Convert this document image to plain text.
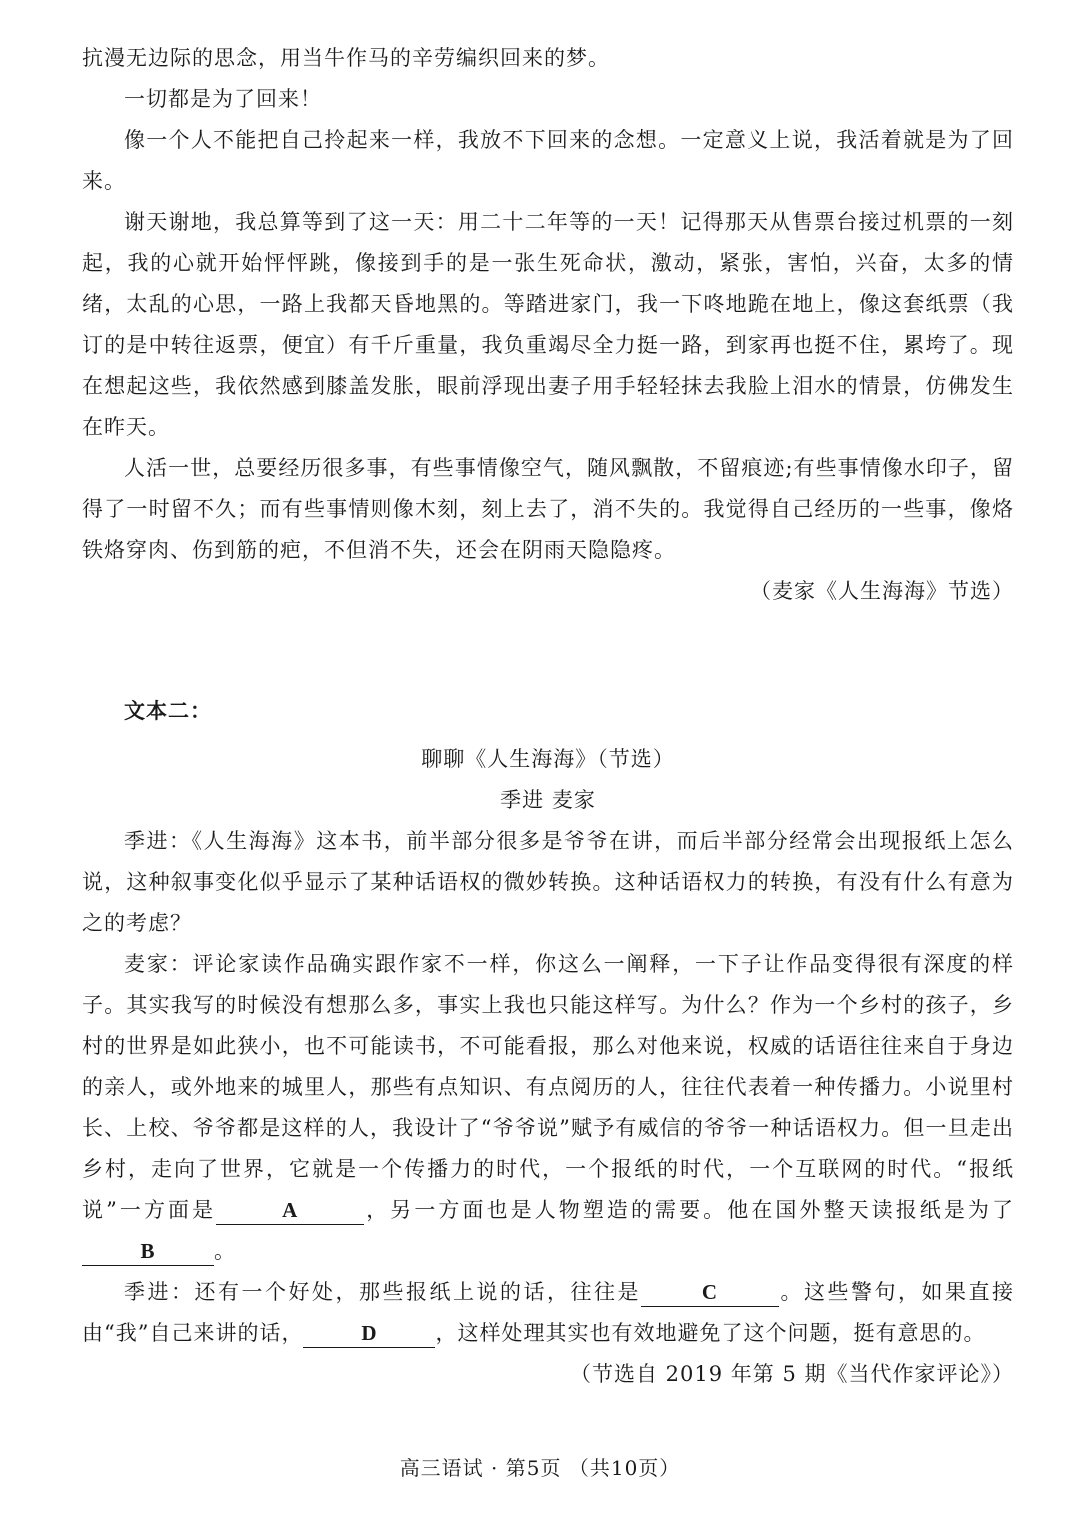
抗漫无边际的思念，用当牛作马的辛劳编织回来的梦。

一切都是为了回来！

像一个人不能把自己拎起来一样，我放不下回来的念想。一定意义上说，我活着就是为了回来。

谢天谢地，我总算等到了这一天：用二十二年等的一天！记得那天从售票台接过机票的一刻起，我的心就开始怦怦跳，像接到手的是一张生死命状，激动，紧张，害怕，兴奋，太多的情绪，太乱的心思，一路上我都天昏地黑的。等踏进家门，我一下咚地跪在地上，像这套纸票（我订的是中转往返票，便宜）有千斤重量，我负重竭尽全力挺一路，到家再也挺不住，累垮了。现在想起这些，我依然感到膝盖发胀，眼前浮现出妻子用手轻轻抹去我脸上泪水的情景，仿佛发生在昨天。

人活一世，总要经历很多事，有些事情像空气，随风飘散，不留痕迹;有些事情像水印子，留得了一时留不久；而有些事情则像木刻，刻上去了，消不失的。我觉得自己经历的一些事，像烙铁烙穿肉、伤到筋的疤，不但消不失，还会在阴雨天隐隐疼。

（麦家《人生海海》节选）

文本二：

聊聊《人生海海》（节选）

季进 麦家

季进：《人生海海》这本书，前半部分很多是爷爷在讲，而后半部分经常会出现报纸上怎么说，这种叙事变化似乎显示了某种话语权的微妙转换。这种话语权力的转换，有没有什么有意为之的考虑？

麦家：评论家读作品确实跟作家不一样，你这么一阐释，一下子让作品变得很有深度的样子。其实我写的时候没有想那么多，事实上我也只能这样写。为什么？作为一个乡村的孩子，乡村的世界是如此狭小，也不可能读书，不可能看报，那么对他来说，权威的话语往往来自于身边的亲人，或外地来的城里人，那些有点知识、有点阅历的人，往往代表着一种传播力。小说里村长、上校、爷爷都是这样的人，我设计了“爷爷说”赋予有威信的爷爷一种话语权力。但一旦走出乡村，走向了世界，它就是一个传播力的时代，一个报纸的时代，一个互联网的时代。“报纸说”一方面是	A	，另一方面也是人物塑造的需要。他在国外整天读报纸是为了B	。

季进：还有一个好处，那些报纸上说的话，往往是	C	。这些警句，如果直接由“我”自己来讲的话，	D	，这样处理其实也有效地避免了这个问题，挺有意思的。

（节选自 2019 年第 5 期《当代作家评论》）

高三语试 · 第5页 （共10页）
